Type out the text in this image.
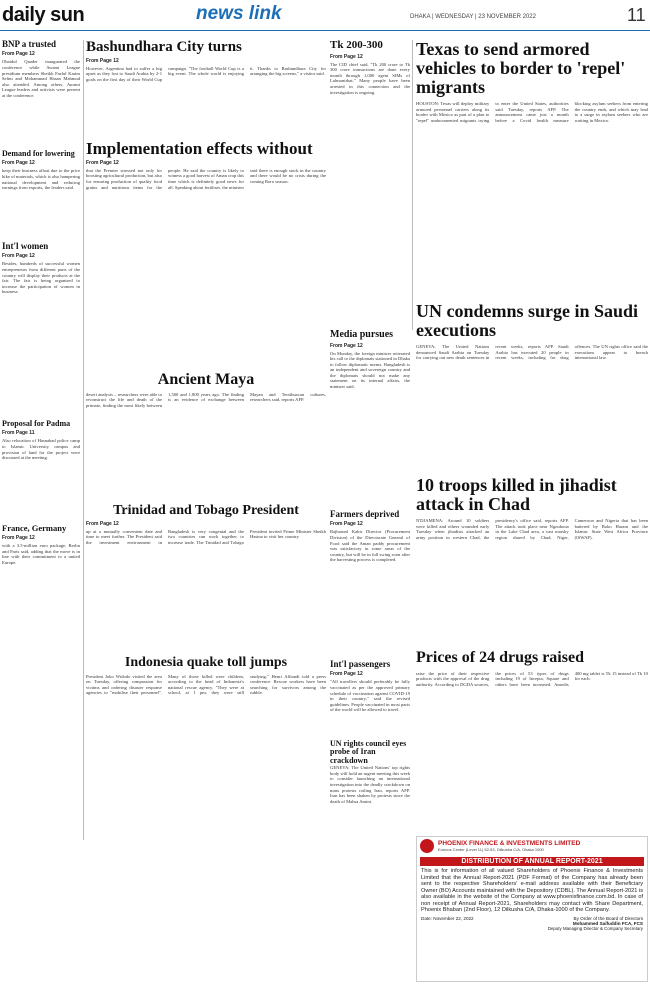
daily sun	news link	DHAKA | WEDNESDAY | 23 NOVEMBER 2022	11
BNP a trusted
From Page 12
Obaidul Quader inaugurated the conference while Awami League presidium members Sheikh Fazlul Karim Selim and Mohammad Hasan Mahmud also attended. Among others, Awami League leaders and activists were present at the conference.
Demand for lowering
From Page 12
keep their business afloat due to the price hike of materials, which is also hampering national development and reducing earnings from exports, the leaders said.
Int'l women
From Page 12
Besides, hundreds of successful women entrepreneurs from different parts of the country will display their products at the fair. The fair is being organised to increase the participation of women in business.
Proposal for Padma
From Page 11
Also relocation of Hasnabad police camp to Islamic University campus and provision of land for the project were discussed at the meeting.
France, Germany
From Page 12
with a 3.5-million euro package, Berlin and Paris said, adding that the move is in line with their commitment to a united Europe.
Bashundhara City turns
From Page 12
However, Argentina had to suffer a big upset as they lost to Saudi Arabia by 2-1 goals on the first day of their World Cup campaign. "The football World Cup is a big event. The whole world is enjoying it. Thanks to Bashundhara City for arranging the big screens," a visitor said.
Tk 200-300
From Page 12
The CID chief said, "Tk 200 crore to Tk 300 crore transactions are done every month through 1,000 agent SIMs of Lalmonirhat." Many people have been arrested in this connection and the investigation is ongoing.
Texas to send armored vehicles to border to 'repel' migrants
HOUSTON: Texas will deploy military armored personnel carriers along its border with Mexico as part of a plan to "repel" undocumented migrants trying to enter the United States, authorities said Tuesday, reports AFP. The announcement came just a month before a Covid health measure blocking asylum seekers from entering the country ends, and which may lead to a surge in asylum seekers who are waiting in Mexico.
Implementation effects without
From Page 12
that the Premier stressed not only for boosting agricultural production, but also for ensuring production of quality food grains and nutritious items for the people. He said the country is likely to witness a good harvest of Aman crop this time which is definitely good news for all. Speaking about fertiliser, the minister said there is enough stock in the country and there would be no crisis during the coming Boro season.
Media pursues
From Page 12
On Monday, the foreign minister reiterated his call to the diplomats stationed in Dhaka to follow diplomatic norms. Bangladesh is an independent and sovereign country and the diplomats should not make any statement on its internal affairs, the minister said.
UN condemns surge in Saudi executions
GENEVA: The United Nations denounced Saudi Arabia on Tuesday for carrying out new death sentences in recent weeks, reports AFP. Saudi Arabia has executed 20 people in recent weeks, including for drug offences. The UN rights office said the executions appear to breach international law.
Ancient Maya
desert analysis – researchers were able to reconstruct the life and death of the primate, finding the most likely between 1,500 and 1,800 years ago. The finding is an evidence of exchange between Mayan and Teotihuacan cultures, researchers said, reports AFP.
Farmers deprived
From Page 12
Rajbarunl Kabir Director (Procurement Division) of the Directorate General of Food said the Aman paddy procurement was satisfactory in some areas of the country, but will be in full swing soon after the harvesting process is completed.
10 troops killed in jihadist attack in Chad
N'DJAMENA: Around 10 soldiers were killed and others wounded early Tuesday when jihadists attacked an army position in western Chad, the presidency's office said, reports AFP. The attack took place near Ngouboua in the Lake Chad area, a vast marshy region shared by Chad, Niger, Cameroon and Nigeria that has been battered by Boko Haram and the Islamic State West Africa Province (ISWAP).
Trinidad and Tobago President
From Page 12
up at a mutually convenient date and time to meet further. The President said the investment environment in Bangladesh is very congenial and the two countries can work together to increase trade. The Trinidad and Tobago President invited Prime Minister Sheikh Hasina to visit her country.
Int'l passengers
From Page 12
"All travellers should preferably be fully vaccinated as per the approved primary schedule of vaccination against COVID-19 in their country," said the revised guidelines. People vaccinated in most parts of the world will be allowed to travel.
Prices of 24 drugs raised
raise the price of their respective products with the approval of the drug authority. According to DGDA sources, the prices of 53 types of drugs including 19 of Incepta, Square and others have been increased. Amodis 400 mg tablet is Tk 15 instead of Tk 10 for each.
Indonesia quake toll jumps
President Joko Widodo visited the area on Tuesday, offering compassion for victims and ordering disaster response agencies to "mobilise their personnel". Many of those killed were children, according to the head of Indonesia's national rescue agency. "They were at school, at 1 pm, they were still studying," Henri Alfiandi told a press conference. Rescue workers have been searching for survivors among the rubble.
UN rights council eyes probe of Iran crackdown
GENEVA: The United Nations' top rights body will hold an urgent meeting this week to consider launching an international investigation into the deadly crackdown on mass protests roiling Iran, reports AFP. Iran has been shaken by protests since the death of Mahsa Amini.
PHOENIX FINANCE & INVESTMENTS LIMITED
Eunoos Center (Level 11) 52-53, Dilkusha C/A, Dhaka 1000
DISTRIBUTION OF ANNUAL REPORT-2021
This is for information of all valued Shareholders of Phoenix Finance & Investments Limited that the Annual Report-2021 (PDF Format) of the Company has already been sent to the respective Shareholders' e-mail address available with their Beneficiary Owner (BO) Accounts maintained with the Depository (CDBL). The Annual Report-2021 is also available in the website of the Company at www.phoenixfinance.com.bd. In case of non receipt of Annual Report-2021, Shareholders may contact with Share Department, Phoenix Bhaban (2nd Floor), 12 Dilkusha C/A, Dhaka-1000 of the Company.
Date: November 22, 2022	By Order of the Board of Directors
Mohammed Saifuddin FCA, FCS
Deputy Managing Director & Company Secretary
